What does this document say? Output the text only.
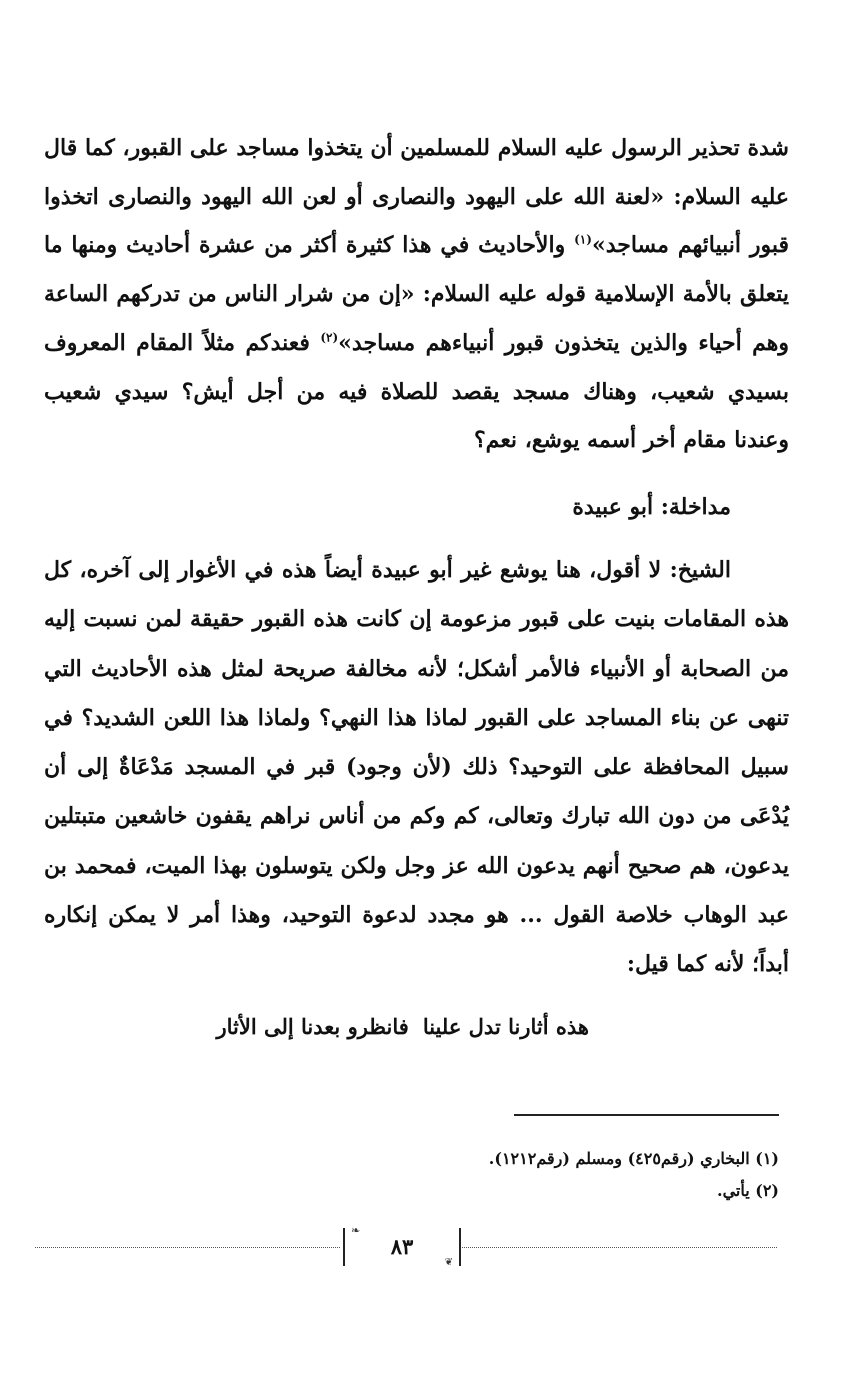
شدة تحذير الرسول عليه السلام للمسلمين أن يتخذوا مساجد على القبور، كما قال عليه السلام: «لعنة الله على اليهود والنصارى أو لعن الله اليهود والنصارى اتخذوا قبور أنبيائهم مساجد»$^{(١)}$ والأحاديث في هذا كثيرة أكثر من عشرة أحاديث ومنها ما يتعلق بالأمة الإسلامية قوله عليه السلام: «إن من شرار الناس من تدركهم الساعة وهم أحياء والذين يتخذون قبور أنبياءهم مساجد»$^{(٢)}$ فعندكم مثلاً المقام المعروف بسيدي شعيب، وهناك مسجد يقصد للصلاة فيه من أجل أيش؟ سيدي شعيب وعندنا مقام أخر أسمه يوشع، نعم؟
مداخلة: أبو عبيدة
الشيخ: لا أقول، هنا يوشع غير أبو عبيدة أيضاً هذه في الأغوار إلى آخره، كل هذه المقامات بنيت على قبور مزعومة إن كانت هذه القبور حقيقة لمن نسبت إليه من الصحابة أو الأنبياء فالأمر أشكل؛ لأنه مخالفة صريحة لمثل هذه الأحاديث التي تنهى عن بناء المساجد على القبور لماذا هذا النهي؟ ولماذا هذا اللعن الشديد؟ في سبيل المحافظة على التوحيد؟ ذلك (لأن وجود) قبر في المسجد مَدْعَاةٌ إلى أن يُدْعَى من دون الله تبارك وتعالى، كم وكم من أناس نراهم يقفون خاشعين متبتلين يدعون، هم صحيح أنهم يدعون الله عز وجل ولكن يتوسلون بهذا الميت، فمحمد بن عبد الوهاب خلاصة القول ... هو مجدد لدعوة التوحيد، وهذا أمر لا يمكن إنكاره أبداً؛ لأنه كما قيل:
هذه أثارنا تدل علينافانظرو بعدنا إلى الأثار
(١) البخاري (رقم٤٢٥) ومسلم (رقم١٢١٢).
(٢) يأتي.
❧
❦
٨٣
